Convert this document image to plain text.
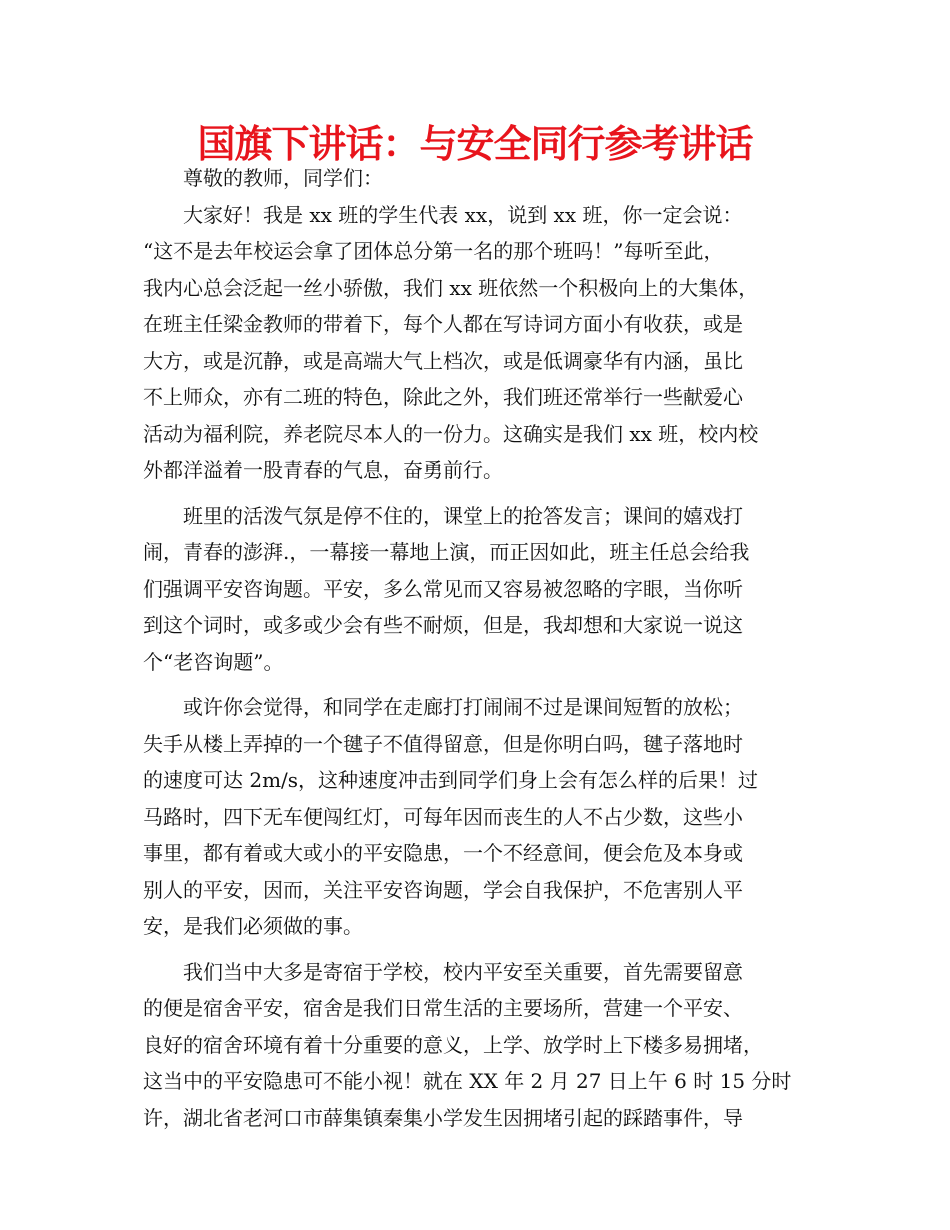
国旗下讲话：与安全同行参考讲话
尊敬的教师，同学们：
大家好！我是 xx 班的学生代表 xx，说到 xx 班，你一定会说：
“这不是去年校运会拿了团体总分第一名的那个班吗！”每听至此，
我内心总会泛起一丝小骄傲，我们 xx 班依然一个积极向上的大集体，
在班主任梁金教师的带着下，每个人都在写诗词方面小有收获，或是
大方，或是沉静，或是高端大气上档次，或是低调豪华有内涵，虽比
不上师众，亦有二班的特色，除此之外，我们班还常举行一些献爱心
活动为福利院，养老院尽本人的一份力。这确实是我们 xx 班，校内校
外都洋溢着一股青春的气息，奋勇前行。
班里的活泼气氛是停不住的，课堂上的抢答发言；课间的嬉戏打
闹，青春的澎湃.，一幕接一幕地上演，而正因如此，班主任总会给我
们强调平安咨询题。平安，多么常见而又容易被忽略的字眼，当你听
到这个词时，或多或少会有些不耐烦，但是，我却想和大家说一说这
个“老咨询题”。
或许你会觉得，和同学在走廊打打闹闹不过是课间短暂的放松；
失手从楼上弄掉的一个毽子不值得留意，但是你明白吗，毽子落地时
的速度可达 2m/s，这种速度冲击到同学们身上会有怎么样的后果！过
马路时，四下无车便闯红灯，可每年因而丧生的人不占少数，这些小
事里，都有着或大或小的平安隐患，一个不经意间，便会危及本身或
别人的平安，因而，关注平安咨询题，学会自我保护，不危害别人平
安，是我们必须做的事。
我们当中大多是寄宿于学校，校内平安至关重要，首先需要留意
的便是宿舍平安，宿舍是我们日常生活的主要场所，营建一个平安、
良好的宿舍环境有着十分重要的意义，上学、放学时上下楼多易拥堵，
这当中的平安隐患可不能小视！就在 XX 年 2 月 27 日上午 6 时 15 分时
许，湖北省老河口市薛集镇秦集小学发生因拥堵引起的踩踏事件，导
